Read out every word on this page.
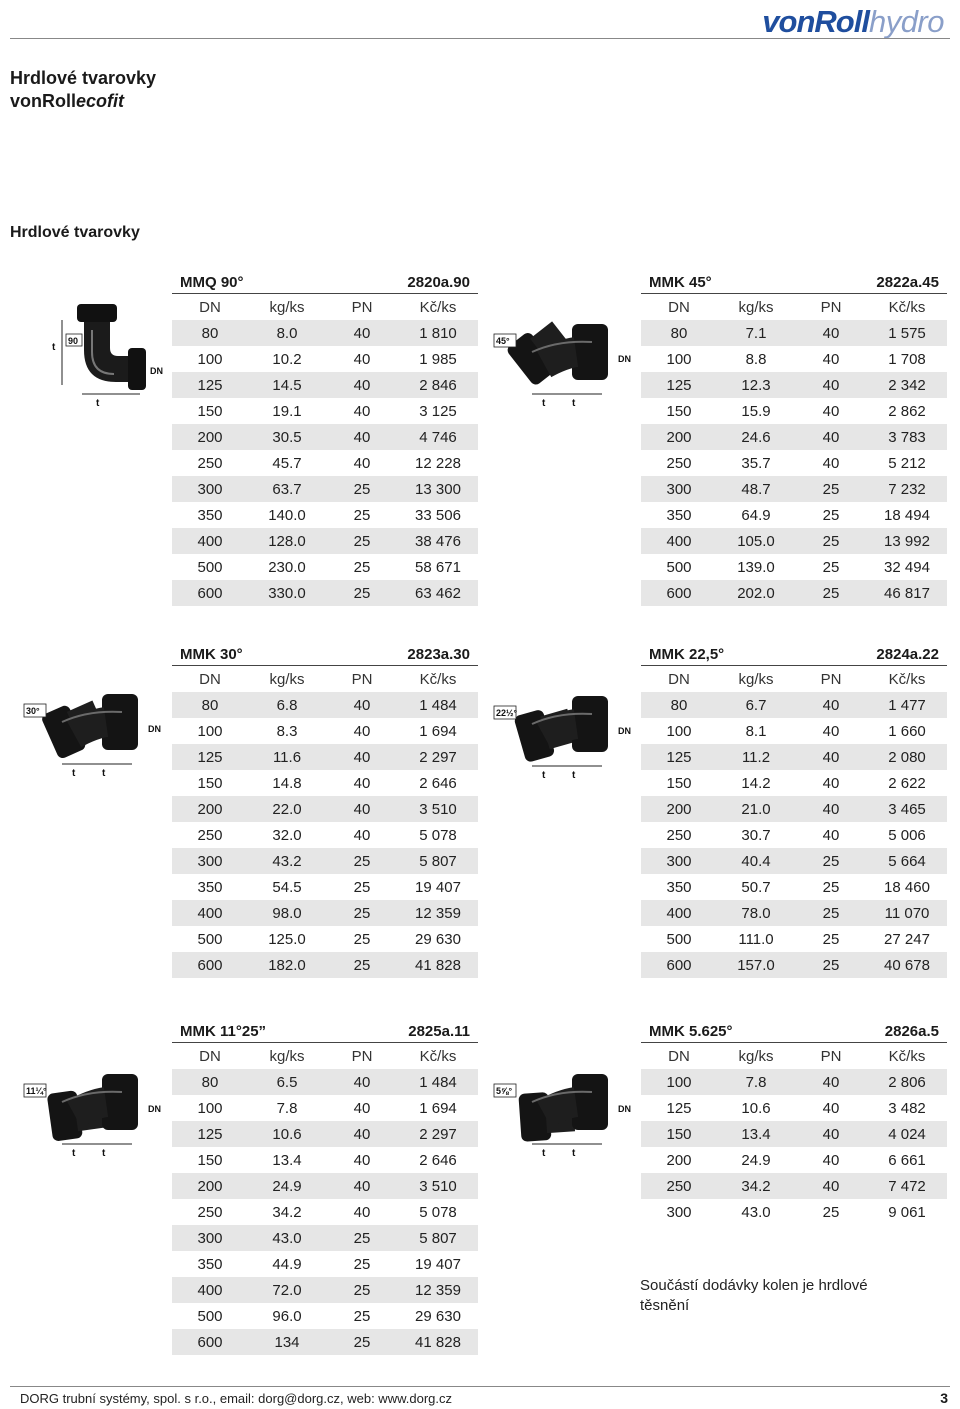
vonRoll hydro
Hrdlové tvarovky
vonRollecofit
Hrdlové tvarovky
MMQ 90°	2820a.90
DN	kg/ks	PN	Kč/ks
80	8.0	40	1 810
100	10.2	40	1 985
125	14.5	40	2 846
150	19.1	40	3 125
200	30.5	40	4 746
250	45.7	40	12 228
300	63.7	25	13 300
350	140.0	25	33 506
400	128.0	25	38 476
500	230.0	25	58 671
600	330.0	25	63 462
t
90
t
DN
MMK 45°	2822a.45
DN	kg/ks	PN	Kč/ks
80	7.1	40	1 575
100	8.8	40	1 708
125	12.3	40	2 342
150	15.9	40	2 862
200	24.6	40	3 783
250	35.7	40	5 212
300	48.7	25	7 232
350	64.9	25	18 494
400	105.0	25	13 992
500	139.0	25	32 494
600	202.0	25	46 817
45°
t	t
DN
MMK 30°	2823a.30
DN	kg/ks	PN	Kč/ks
80	6.8	40	1 484
100	8.3	40	1 694
125	11.6	40	2 297
150	14.8	40	2 646
200	22.0	40	3 510
250	32.0	40	5 078
300	43.2	25	5 807
350	54.5	25	19 407
400	98.0	25	12 359
500	125.0	25	29 630
600	182.0	25	41 828
30°
t	t
DN
MMK 22,5°	2824a.22
DN	kg/ks	PN	Kč/ks
80	6.7	40	1 477
100	8.1	40	1 660
125	11.2	40	2 080
150	14.2	40	2 622
200	21.0	40	3 465
250	30.7	40	5 006
300	40.4	25	5 664
350	50.7	25	18 460
400	78.0	25	11 070
500	111.0	25	27 247
600	157.0	25	40 678
22½°
t	t
DN
MMK 11°25”	2825a.11
DN	kg/ks	PN	Kč/ks
80	6.5	40	1 484
100	7.8	40	1 694
125	10.6	40	2 297
150	13.4	40	2 646
200	24.9	40	3 510
250	34.2	40	5 078
300	43.0	25	5 807
350	44.9	25	19 407
400	72.0	25	12 359
500	96.0	25	29 630
600	134	25	41 828
11¼°
t	t
DN
MMK 5.625°	2826a.5
DN	kg/ks	PN	Kč/ks
100	7.8	40	2 806
125	10.6	40	3 482
150	13.4	40	4 024
200	24.9	40	6 661
250	34.2	40	7 472
300	43.0	25	9 061
5⅝°
t	t
DN
Součástí dodávky kolen je hrdlové těsnění
DORG trubní systémy, spol. s r.o., email: dorg@dorg.cz, web: www.dorg.cz	3
